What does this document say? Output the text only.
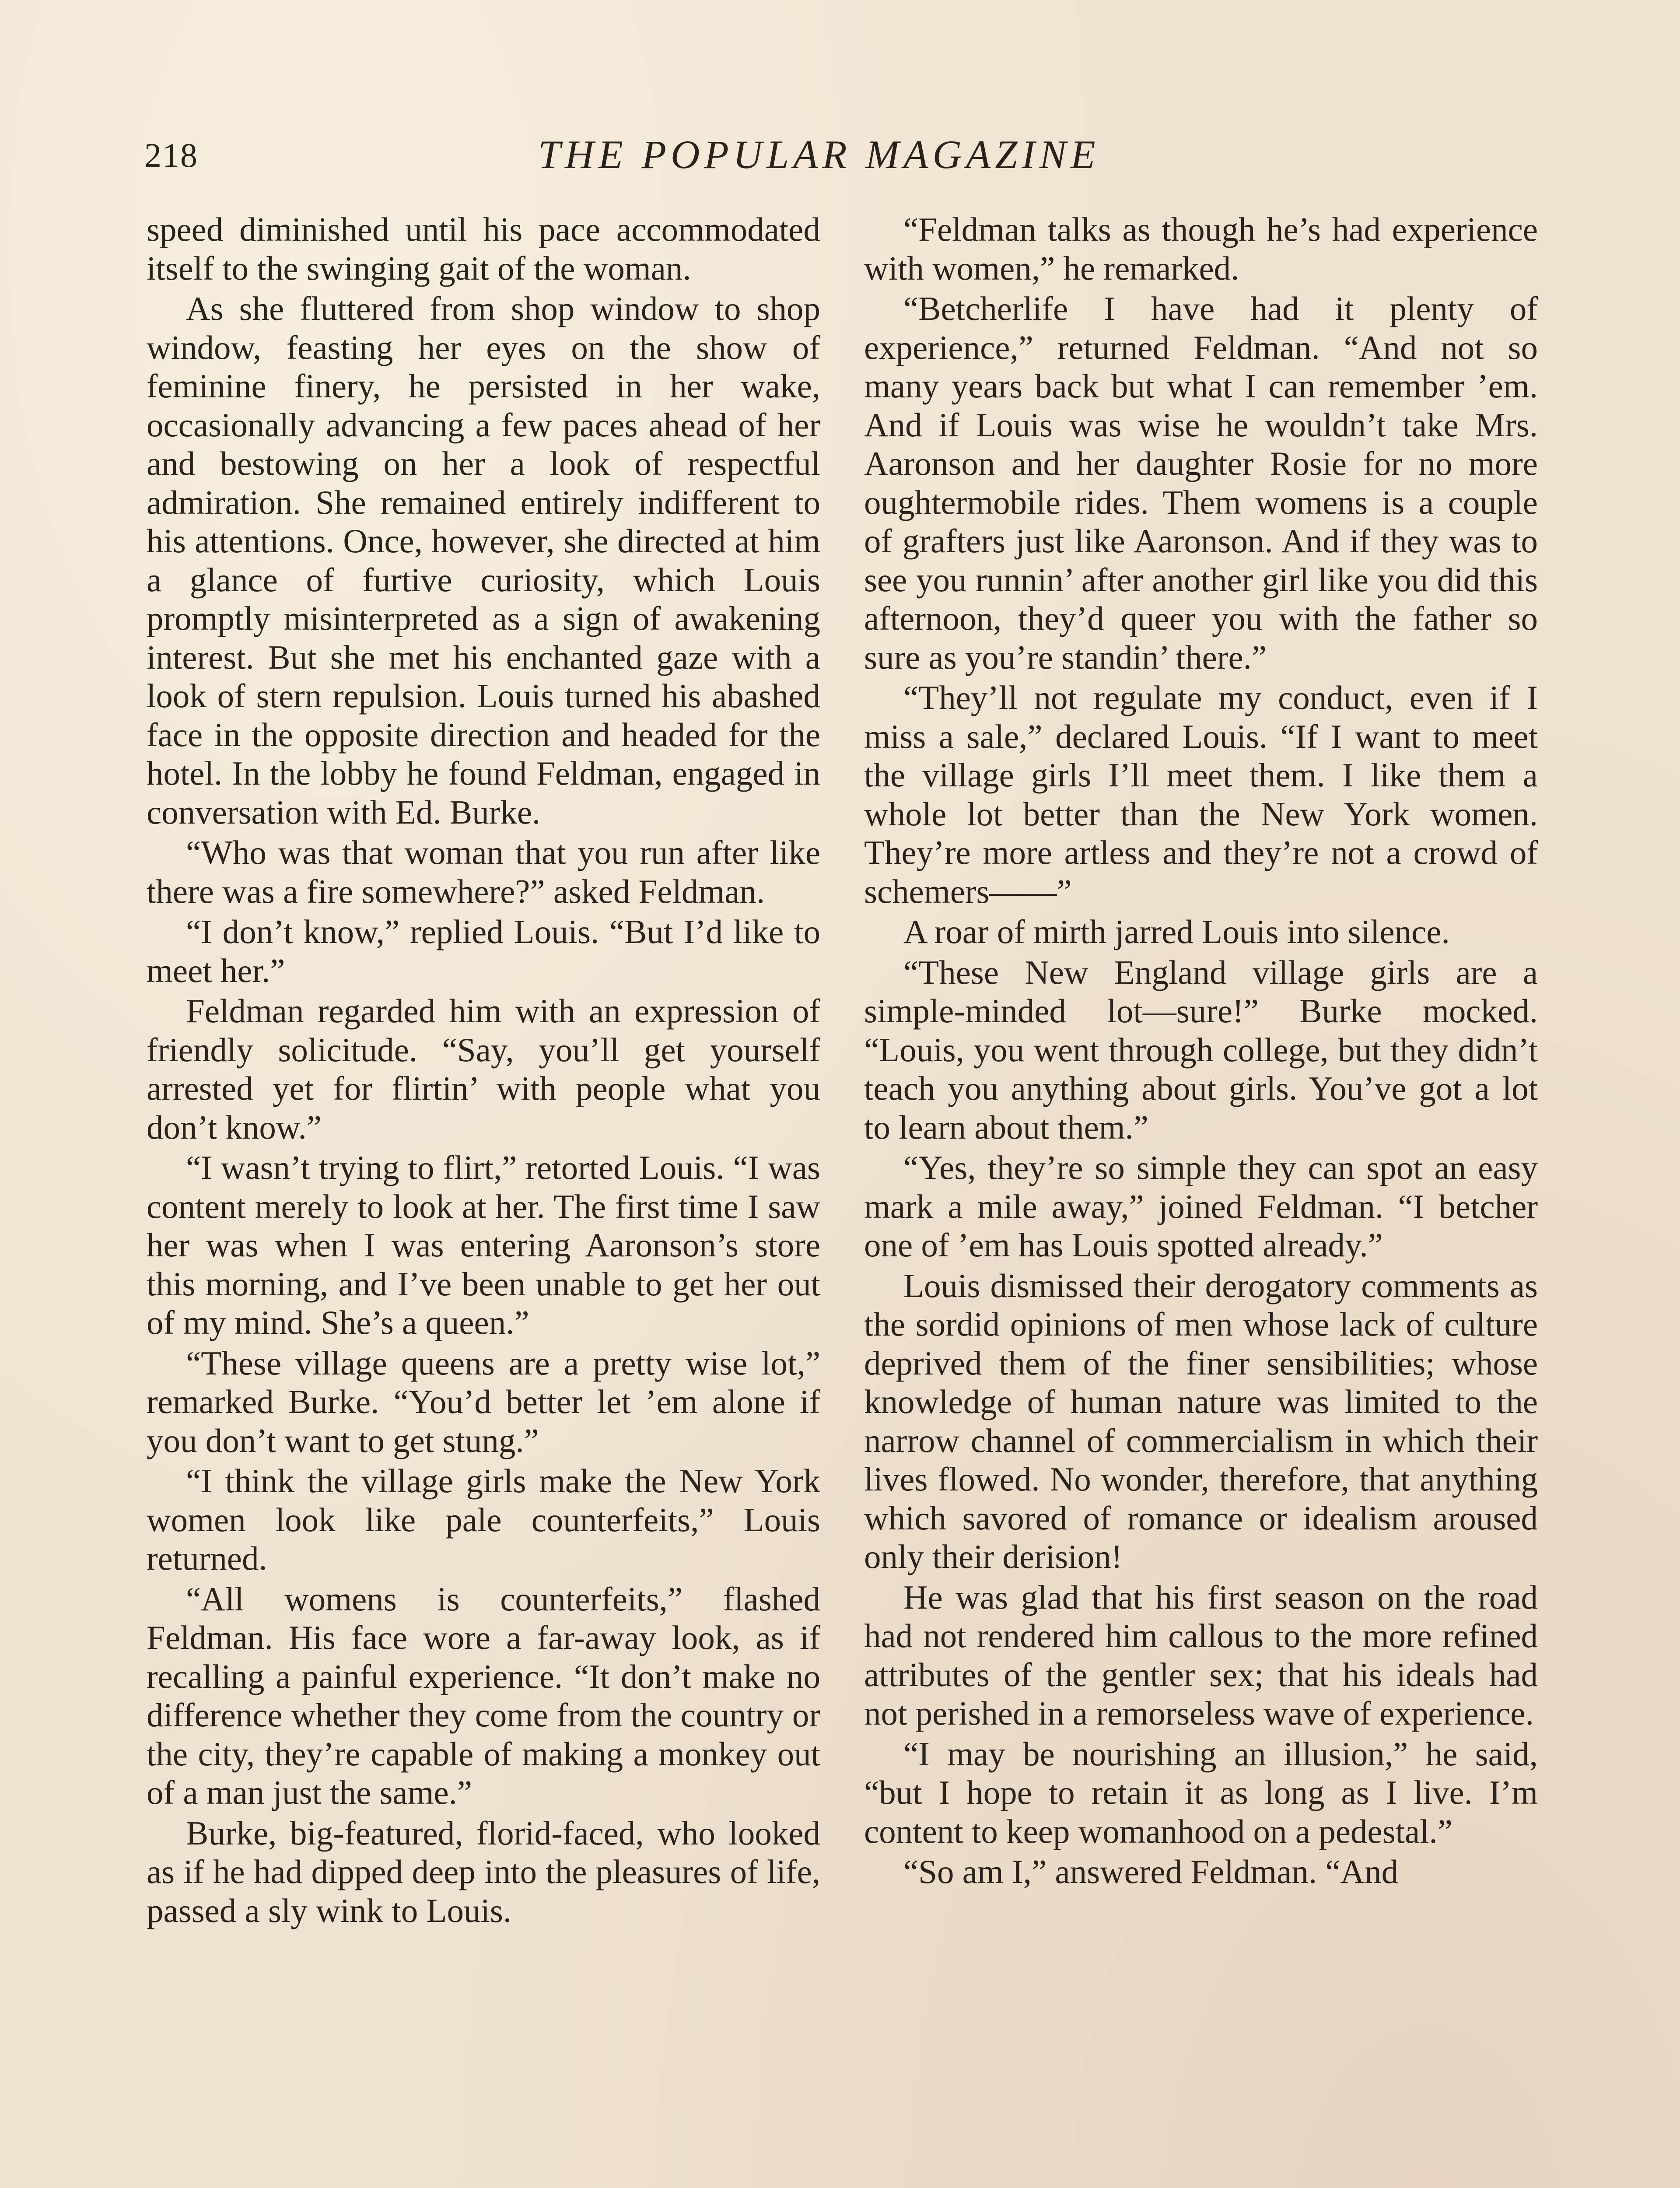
218	THE POPULAR MAGAZINE

speed diminished until his pace accommodated itself to the swinging gait of the woman.

As she fluttered from shop window to shop window, feasting her eyes on the show of feminine finery, he persisted in her wake, occasionally advancing a few paces ahead of her and bestowing on her a look of respectful admiration. She remained entirely indifferent to his attentions. Once, however, she directed at him a glance of furtive curiosity, which Louis promptly misinterpreted as a sign of awakening interest. But she met his enchanted gaze with a look of stern repulsion. Louis turned his abashed face in the opposite direction and headed for the hotel. In the lobby he found Feldman, engaged in conversation with Ed. Burke.

“Who was that woman that you run after like there was a fire somewhere?” asked Feldman.

“I don’t know,” replied Louis. “But I’d like to meet her.”

Feldman regarded him with an expression of friendly solicitude. “Say, you’ll get yourself arrested yet for flirtin’ with people what you don’t know.”

“I wasn’t trying to flirt,” retorted Louis. “I was content merely to look at her. The first time I saw her was when I was entering Aaronson’s store this morning, and I’ve been unable to get her out of my mind. She’s a queen.”

“These village queens are a pretty wise lot,” remarked Burke. “You’d better let ’em alone if you don’t want to get stung.”

“I think the village girls make the New York women look like pale counterfeits,” Louis returned.

“All womens is counterfeits,” flashed Feldman. His face wore a far-away look, as if recalling a painful experience. “It don’t make no difference whether they come from the country or the city, they’re capable of making a monkey out of a man just the same.”

Burke, big-featured, florid-faced, who looked as if he had dipped deep into the pleasures of life, passed a sly wink to Louis.

“Feldman talks as though he’s had experience with women,” he remarked.

“Betcherlife I have had it plenty of experience,” returned Feldman. “And not so many years back but what I can remember ’em. And if Louis was wise he wouldn’t take Mrs. Aaronson and her daughter Rosie for no more oughtermobile rides. Them womens is a couple of grafters just like Aaronson. And if they was to see you runnin’ after another girl like you did this afternoon, they’d queer you with the father so sure as you’re standin’ there.”

“They’ll not regulate my conduct, even if I miss a sale,” declared Louis. “If I want to meet the village girls I’ll meet them. I like them a whole lot better than the New York women. They’re more artless and they’re not a crowd of schemers——”

A roar of mirth jarred Louis into silence.

“These New England village girls are a simple-minded lot—sure!” Burke mocked. “Louis, you went through college, but they didn’t teach you anything about girls. You’ve got a lot to learn about them.”

“Yes, they’re so simple they can spot an easy mark a mile away,” joined Feldman. “I betcher one of ’em has Louis spotted already.”

Louis dismissed their derogatory comments as the sordid opinions of men whose lack of culture deprived them of the finer sensibilities; whose knowledge of human nature was limited to the narrow channel of commercialism in which their lives flowed. No wonder, therefore, that anything which savored of romance or idealism aroused only their derision!

He was glad that his first season on the road had not rendered him callous to the more refined attributes of the gentler sex; that his ideals had not perished in a remorseless wave of experience.

“I may be nourishing an illusion,” he said, “but I hope to retain it as long as I live. I’m content to keep womanhood on a pedestal.”

“So am I,” answered Feldman. “And
